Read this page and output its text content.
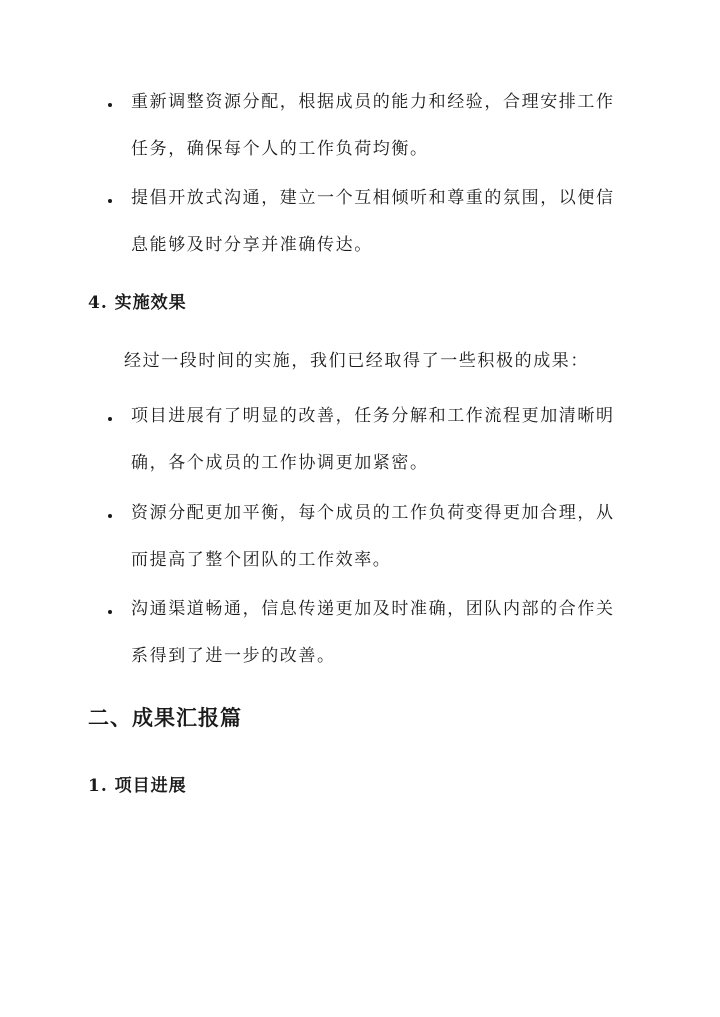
重新调整资源分配，根据成员的能力和经验，合理安排工作任务，确保每个人的工作负荷均衡。
提倡开放式沟通，建立一个互相倾听和尊重的氛围，以便信息能够及时分享并准确传达。
4. 实施效果
经过一段时间的实施，我们已经取得了一些积极的成果：
项目进展有了明显的改善，任务分解和工作流程更加清晰明确，各个成员的工作协调更加紧密。
资源分配更加平衡，每个成员的工作负荷变得更加合理，从而提高了整个团队的工作效率。
沟通渠道畅通，信息传递更加及时准确，团队内部的合作关系得到了进一步的改善。
二、成果汇报篇
1. 项目进展
